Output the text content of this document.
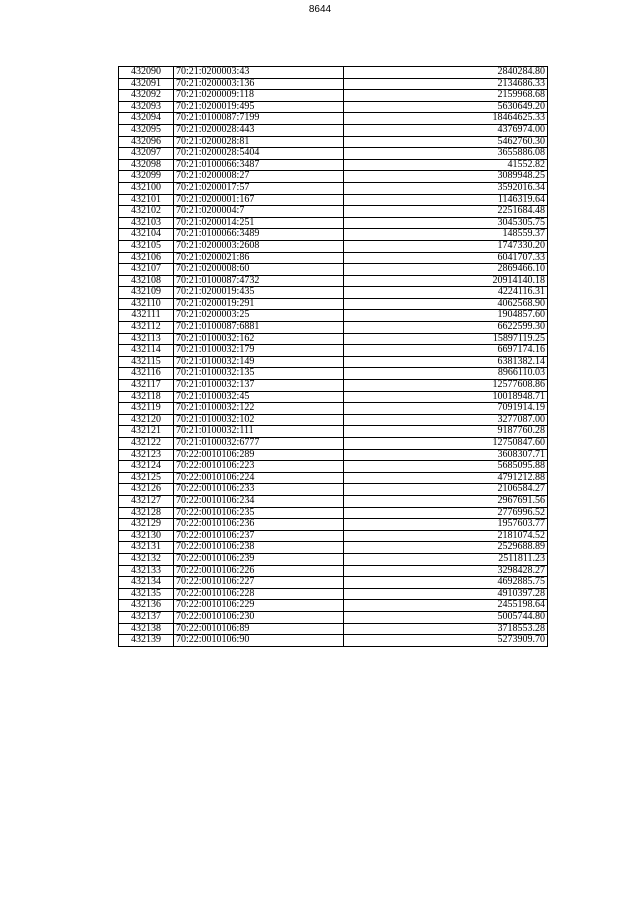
8644
432090	70:21:0200003:43	2840284.80
432091	70:21:0200003:136	2134686.33
432092	70:21:0200009:118	2159968.68
432093	70:21:0200019:495	5630649.20
432094	70:21:0100087:7199	18464625.33
432095	70:21:0200028:443	4376974.00
432096	70:21:0200028:81	5462760.30
432097	70:21:0200028:5404	3655886.08
432098	70:21:0100066:3487	41552.82
432099	70:21:0200008:27	3089948.25
432100	70:21:0200017:57	3592016.34
432101	70:21:0200001:167	1146319.64
432102	70:21:0200004:7	2251684.48
432103	70:21:0200014:251	3045305.75
432104	70:21:0100066:3489	148559.37
432105	70:21:0200003:2608	1747330.20
432106	70:21:0200021:86	6041707.33
432107	70:21:0200008:60	2869466.10
432108	70:21:0100087:4732	20914140.18
432109	70:21:0200019:435	4224116.31
432110	70:21:0200019:291	4062568.90
432111	70:21:0200003:25	1904857.60
432112	70:21:0100087:6881	6622599.30
432113	70:21:0100032:162	15897119.25
432114	70:21:0100032:179	6697174.16
432115	70:21:0100032:149	6381382.14
432116	70:21:0100032:135	8966110.03
432117	70:21:0100032:137	12577608.86
432118	70:21:0100032:45	10018948.71
432119	70:21:0100032:122	7091914.19
432120	70:21:0100032:102	3277087.00
432121	70:21:0100032:111	9187760.28
432122	70:21:0100032:6777	12750847.60
432123	70:22:0010106:289	3608307.71
432124	70:22:0010106:223	5685095.88
432125	70:22:0010106:224	4791212.88
432126	70:22:0010106:233	2106584.27
432127	70:22:0010106:234	2967691.56
432128	70:22:0010106:235	2776996.52
432129	70:22:0010106:236	1957603.77
432130	70:22:0010106:237	2181074.52
432131	70:22:0010106:238	2529688.89
432132	70:22:0010106:239	2511811.23
432133	70:22:0010106:226	3298428.27
432134	70:22:0010106:227	4692885.75
432135	70:22:0010106:228	4910397.28
432136	70:22:0010106:229	2455198.64
432137	70:22:0010106:230	5005744.80
432138	70:22:0010106:89	3718553.28
432139	70:22:0010106:90	5273909.70
